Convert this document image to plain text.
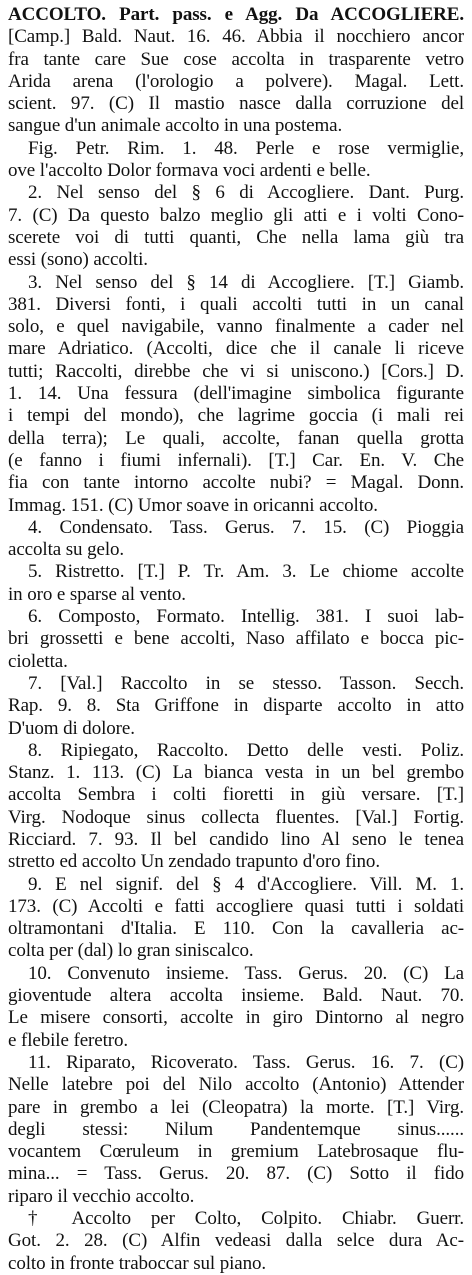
ACCOLTO. Part. pass. e Agg. Da ACCOGLIERE.
[Camp.] Bald. Naut. 16. 46. Abbia il nocchiero ancor
fra tante care Sue cose accolta in trasparente vetro
Arida arena (l'orologio a polvere). Magal. Lett.
scient. 97. (C) Il mastio nasce dalla corruzione del
sangue d'un animale accolto in una postema.
Fig. Petr. Rim. 1. 48. Perle e rose vermiglie,
ove l'accolto Dolor formava voci ardenti e belle.
2. Nel senso del § 6 di Accogliere. Dant. Purg.
7. (C) Da questo balzo meglio gli atti e i volti Cono-
scerete voi di tutti quanti, Che nella lama giù tra
essi (sono) accolti.
3. Nel senso del § 14 di Accogliere. [T.] Giamb.
381. Diversi fonti, i quali accolti tutti in un canal
solo, e quel navigabile, vanno finalmente a cader nel
mare Adriatico. (Accolti, dice che il canale li riceve
tutti; Raccolti, direbbe che vi si uniscono.) [Cors.] D.
1. 14. Una fessura (dell'imagine simbolica figurante
i tempi del mondo), che lagrime goccia (i mali rei
della terra); Le quali, accolte, fanan quella grotta
(e fanno i fiumi infernali). [T.] Car. En. V. Che
fia con tante intorno accolte nubi? = Magal. Donn.
Immag. 151. (C) Umor soave in oricanni accolto.
4. Condensato. Tass. Gerus. 7. 15. (C) Pioggia
accolta su gelo.
5. Ristretto. [T.] P. Tr. Am. 3. Le chiome accolte
in oro e sparse al vento.
6. Composto, Formato. Intellig. 381. I suoi lab-
bri grossetti e bene accolti, Naso affilato e bocca pic-
cioletta.
7. [Val.] Raccolto in se stesso. Tasson. Secch.
Rap. 9. 8. Sta Griffone in disparte accolto in atto
D'uom di dolore.
8. Ripiegato, Raccolto. Detto delle vesti. Poliz.
Stanz. 1. 113. (C) La bianca vesta in un bel grembo
accolta Sembra i colti fioretti in giù versare. [T.]
Virg. Nodoque sinus collecta fluentes. [Val.] Fortig.
Ricciard. 7. 93. Il bel candido lino Al seno le tenea
stretto ed accolto Un zendado trapunto d'oro fino.
9. E nel signif. del § 4 d'Accogliere. Vill. M. 1.
173. (C) Accolti e fatti accogliere quasi tutti i soldati
oltramontani d'Italia. E 110. Con la cavalleria ac-
colta per (dal) lo gran siniscalco.
10. Convenuto insieme. Tass. Gerus. 20. (C) La
gioventude altera accolta insieme. Bald. Naut. 70.
Le misere consorti, accolte in giro Dintorno al negro
e flebile feretro.
11. Riparato, Ricoverato. Tass. Gerus. 16. 7. (C)
Nelle latebre poi del Nilo accolto (Antonio) Attender
pare in grembo a lei (Cleopatra) la morte. [T.] Virg.
degli stessi: Nilum Pandentemque sinus......
vocantem Cœruleum in gremium Latebrosaque flu-
mina... = Tass. Gerus. 20. 87. (C) Sotto il fido
riparo il vecchio accolto.
† Accolto per Colto, Colpito. Chiabr. Guerr.
Got. 2. 28. (C) Alfin vedeasi dalla selce dura Ac-
colto in fronte traboccar sul piano.
